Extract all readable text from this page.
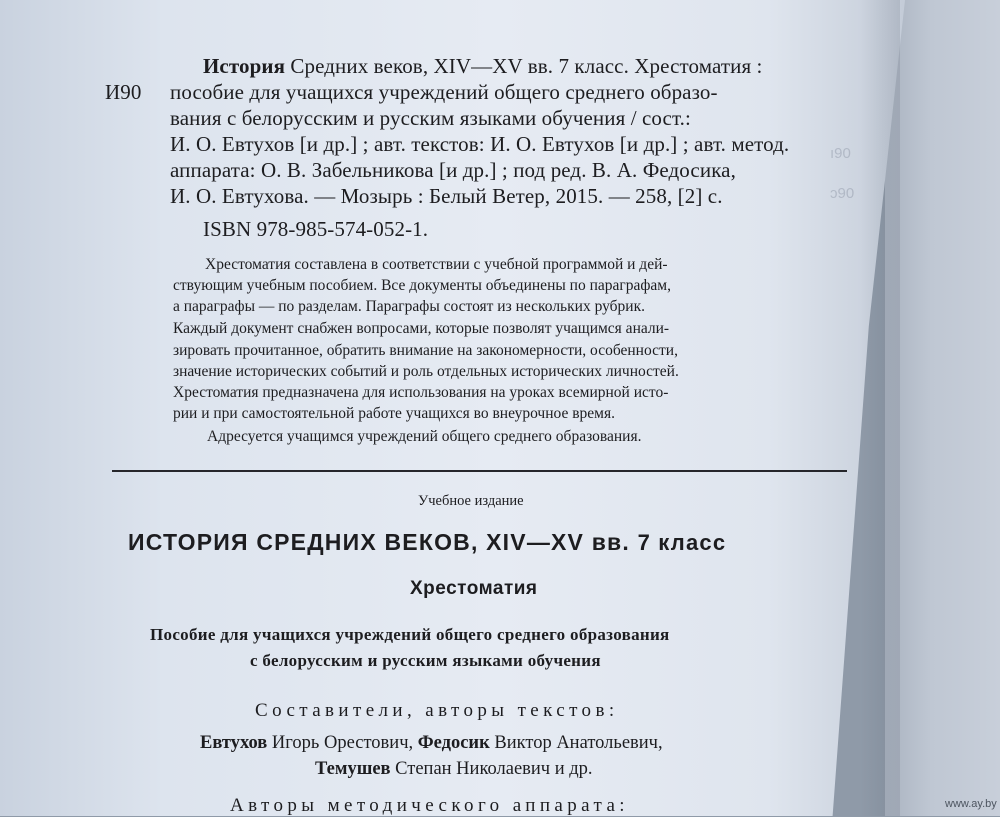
ı90
ɔ90
История Средних веков, XIV—XV вв. 7 класс. Хрестоматия :
И90 пособие для учащихся учреждений общего среднего образо-
вания с белорусским и русским языками обучения / сост.:
И. О. Евтухов [и др.] ; авт. текстов: И. О. Евтухов [и др.] ; авт. метод.
аппарата: О. В. Забельникова [и др.] ; под ред. В. А. Федосика,
И. О. Евтухова. — Мозырь : Белый Ветер, 2015. — 258, [2] с.
ISBN 978-985-574-052-1.
Хрестоматия составлена в соответствии с учебной программой и дей-
ствующим учебным пособием. Все документы объединены по параграфам,
а параграфы — по разделам. Параграфы состоят из нескольких рубрик.
Каждый документ снабжен вопросами, которые позволят учащимся анали-
зировать прочитанное, обратить внимание на закономерности, особенности,
значение исторических событий и роль отдельных исторических личностей.
Хрестоматия предназначена для использования на уроках всемирной исто-
рии и при самостоятельной работе учащихся во внеурочное время.
Адресуется учащимся учреждений общего среднего образования.
Учебное издание
ИСТОРИЯ СРЕДНИХ ВЕКОВ, XIV—XV вв. 7 класс
Хрестоматия
Пособие для учащихся учреждений общего среднего образования
с белорусским и русским языками обучения
Составители, авторы текстов:
Евтухов Игорь Орестович, Федосик Виктор Анатольевич,
Темушев Степан Николаевич и др.
Авторы методического аппарата:	www.ay.by
